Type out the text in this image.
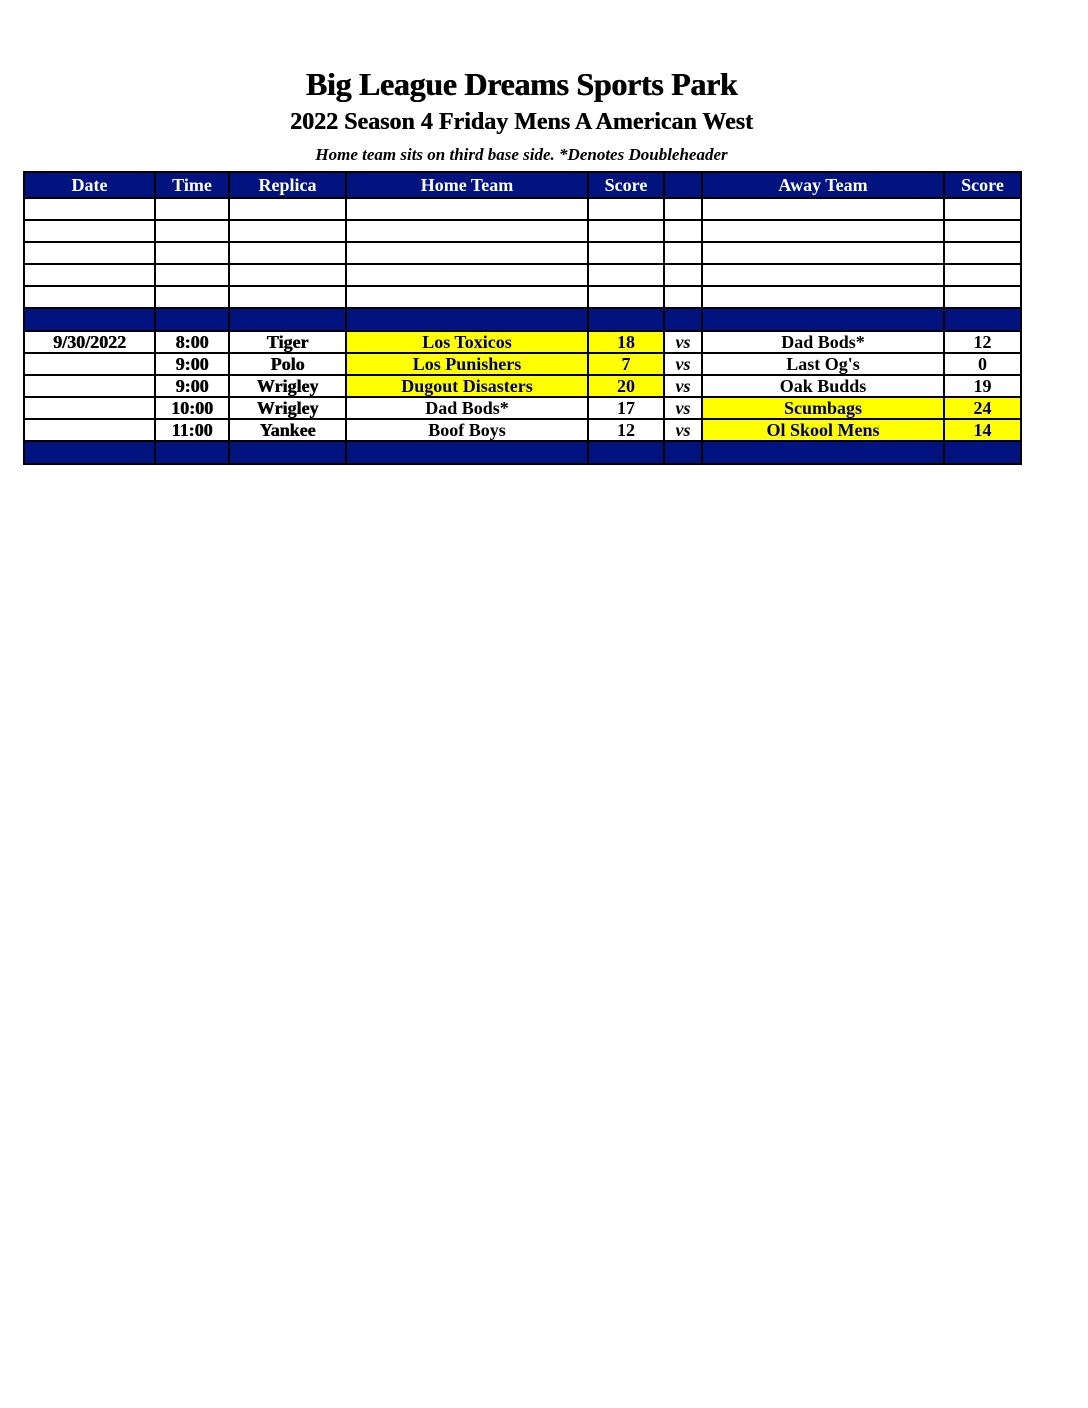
Big League Dreams Sports Park
2022 Season 4 Friday Mens A American West
Home team sits on third base side. *Denotes Doubleheader
Date	Time	Replica	Home Team	Score		Away Team	Score

9/30/2022	8:00	Tiger	Los Toxicos	18	vs	Dad Bods*	12
	9:00	Polo	Los Punishers	7	vs	Last Og's	0
	9:00	Wrigley	Dugout Disasters	20	vs	Oak Budds	19
	10:00	Wrigley	Dad Bods*	17	vs	Scumbags	24
	11:00	Yankee	Boof Boys	12	vs	Ol Skool Mens	14
